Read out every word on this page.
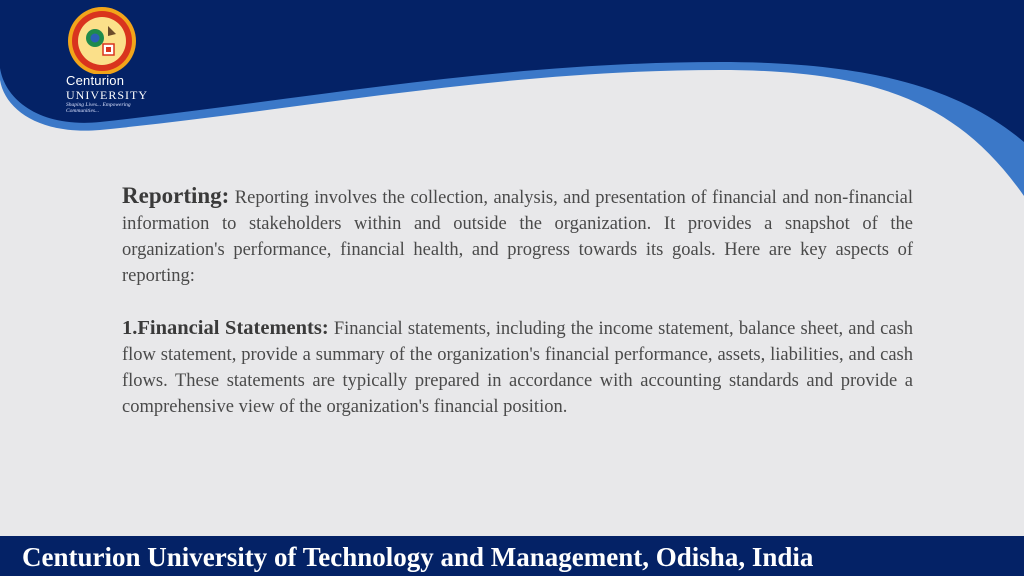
Centurion
UNIVERSITY
Shaping Lives... Empowering Communities...

Reporting: Reporting involves the collection, analysis, and presentation of financial and non-financial information to stakeholders within and outside the organization. It provides a snapshot of the organization's performance, financial health, and progress towards its goals. Here are key aspects of reporting:

1.Financial Statements: Financial statements, including the income statement, balance sheet, and cash flow statement, provide a summary of the organization's financial performance, assets, liabilities, and cash flows. These statements are typically prepared in accordance with accounting standards and provide a comprehensive view of the organization's financial position.

Centurion University of Technology and Management, Odisha, India
